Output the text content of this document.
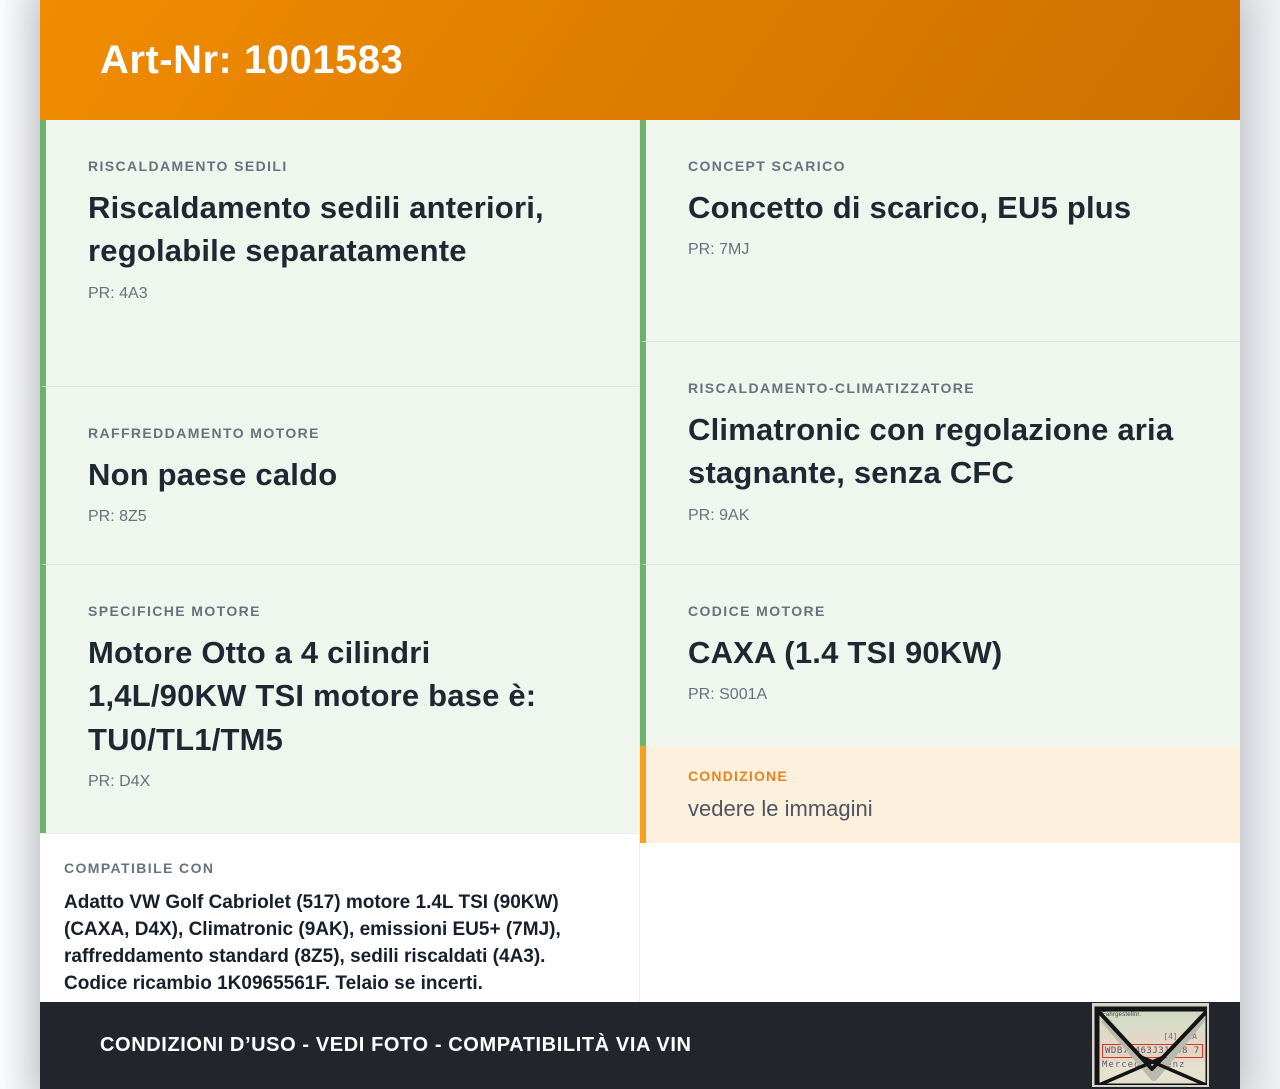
Art-Nr: 1001583
RISCALDAMENTO SEDILI
Riscaldamento sedili anteriori, regolabile separatamente
PR: 4A3
RAFFREDDAMENTO MOTORE
Non paese caldo
PR: 8Z5
SPECIFICHE MOTORE
Motore Otto a 4 cilindri 1,4L/90KW TSI motore base è: TU0/TL1/TM5
PR: D4X
COMPATIBILE CON

Adatto VW Golf Cabriolet (517) motore 1.4L TSI (90KW) (CAXA, D4X), Climatronic (9AK), emissioni EU5+ (7MJ), raffreddamento standard (8Z5), sedili riscaldati (4A3). Codice ricambio 1K0965561F. Telaio se incerti.

CONCEPT SCARICO
Concetto di scarico, EU5 plus
PR: 7MJ
RISCALDAMENTO-CLIMATIZZATORE
Climatronic con regolazione aria stagnante, senza CFC
PR: 9AK
CODICE MOTORE
CAXA (1.4 TSI 90KW)
PR: S001A
CONDIZIONE
vedere le immagini
CONDIZIONI D’USO - VEDI FOTO - COMPATIBILITÀ VIA VIN
Fahrgestellnr.
[4] AiA
WDB71463J31298 7
Mercedes-Benz
